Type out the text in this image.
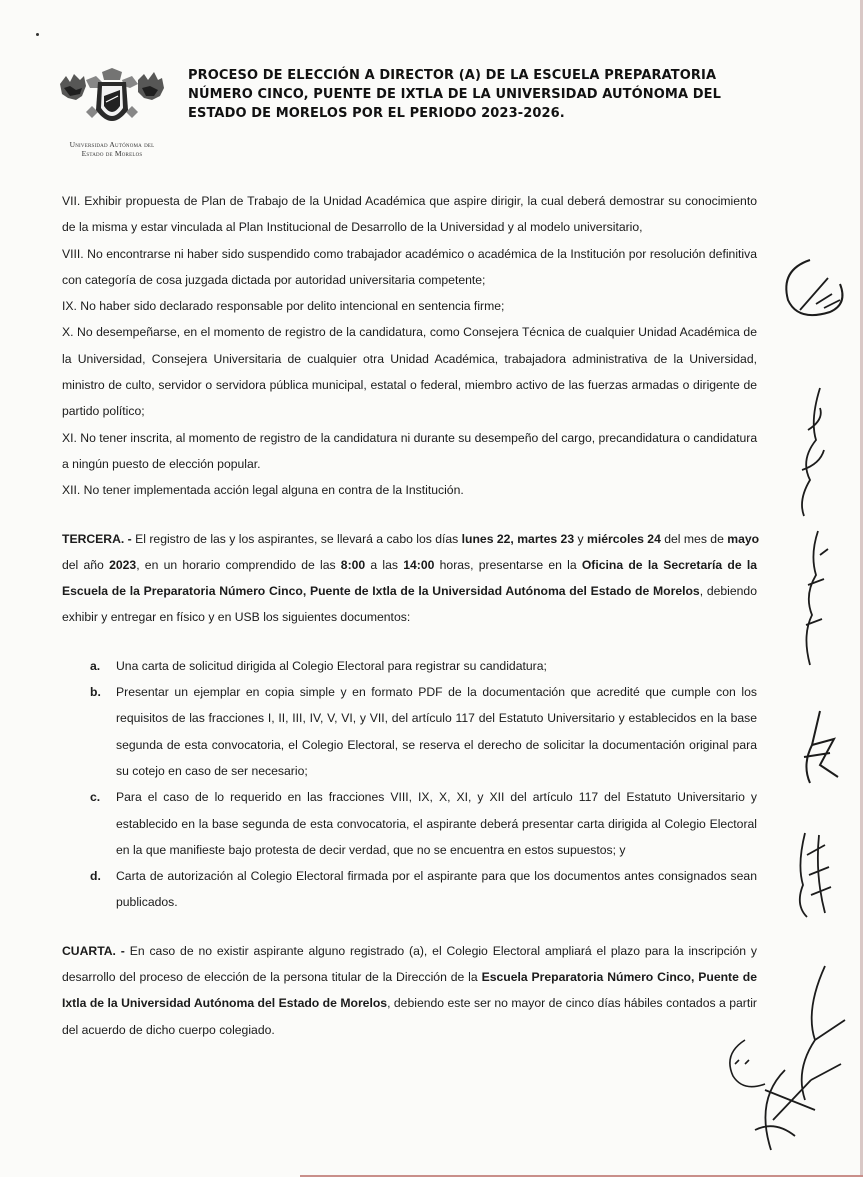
Universidad Autónoma del
Estado de Morelos
PROCESO DE ELECCIÓN A DIRECTOR (A) DE LA ESCUELA PREPARATORIA
NÚMERO CINCO, PUENTE DE IXTLA DE LA UNIVERSIDAD AUTÓNOMA DEL
ESTADO DE MORELOS POR EL PERIODO 2023-2026.
VII. Exhibir propuesta de Plan de Trabajo de la Unidad Académica que aspire dirigir, la cual deberá demostrar su conocimiento
de la misma y estar vinculada al Plan Institucional de Desarrollo de la Universidad y al modelo universitario,
VIII. No encontrarse ni haber sido suspendido como trabajador académico o académica de la Institución por resolución definitiva
con categoría de cosa juzgada dictada por autoridad universitaria competente;
IX. No haber sido declarado responsable por delito intencional en sentencia firme;
X. No desempeñarse, en el momento de registro de la candidatura, como Consejera Técnica de cualquier Unidad Académica de
la Universidad, Consejera Universitaria de cualquier otra Unidad Académica, trabajadora administrativa de la Universidad,
ministro de culto, servidor o servidora pública municipal, estatal o federal, miembro activo de las fuerzas armadas o dirigente de
partido político;
XI. No tener inscrita, al momento de registro de la candidatura ni durante su desempeño del cargo, precandidatura o candidatura
a ningún puesto de elección popular.
XII. No tener implementada acción legal alguna en contra de la Institución.
TERCERA. - El registro de las y los aspirantes, se llevará a cabo los días lunes 22, martes 23 y miércoles 24 del mes de mayo
del año 2023, en un horario comprendido de las 8:00 a las 14:00 horas, presentarse en la Oficina de la Secretaría de la
Escuela de la Preparatoria Número Cinco, Puente de Ixtla de la Universidad Autónoma del Estado de Morelos, debiendo
exhibir y entregar en físico y en USB los siguientes documentos:
a. Una carta de solicitud dirigida al Colegio Electoral para registrar su candidatura;
b. Presentar un ejemplar en copia simple y en formato PDF de la documentación que acredité que cumple con los
requisitos de las fracciones I, II, III, IV, V, VI, y VII, del artículo 117 del Estatuto Universitario y establecidos en la base
segunda de esta convocatoria, el Colegio Electoral, se reserva el derecho de solicitar la documentación original para
su cotejo en caso de ser necesario;
c. Para el caso de lo requerido en las fracciones VIII, IX, X, XI, y XII del artículo 117 del Estatuto Universitario y
establecido en la base segunda de esta convocatoria, el aspirante deberá presentar carta dirigida al Colegio Electoral
en la que manifieste bajo protesta de decir verdad, que no se encuentra en estos supuestos; y
d. Carta de autorización al Colegio Electoral firmada por el aspirante para que los documentos antes consignados sean
publicados.
CUARTA. - En caso de no existir aspirante alguno registrado (a), el Colegio Electoral ampliará el plazo para la inscripción y
desarrollo del proceso de elección de la persona titular de la Dirección de la Escuela Preparatoria Número Cinco, Puente de
Ixtla de la Universidad Autónoma del Estado de Morelos, debiendo este ser no mayor de cinco días hábiles contados a partir
del acuerdo de dicho cuerpo colegiado.
